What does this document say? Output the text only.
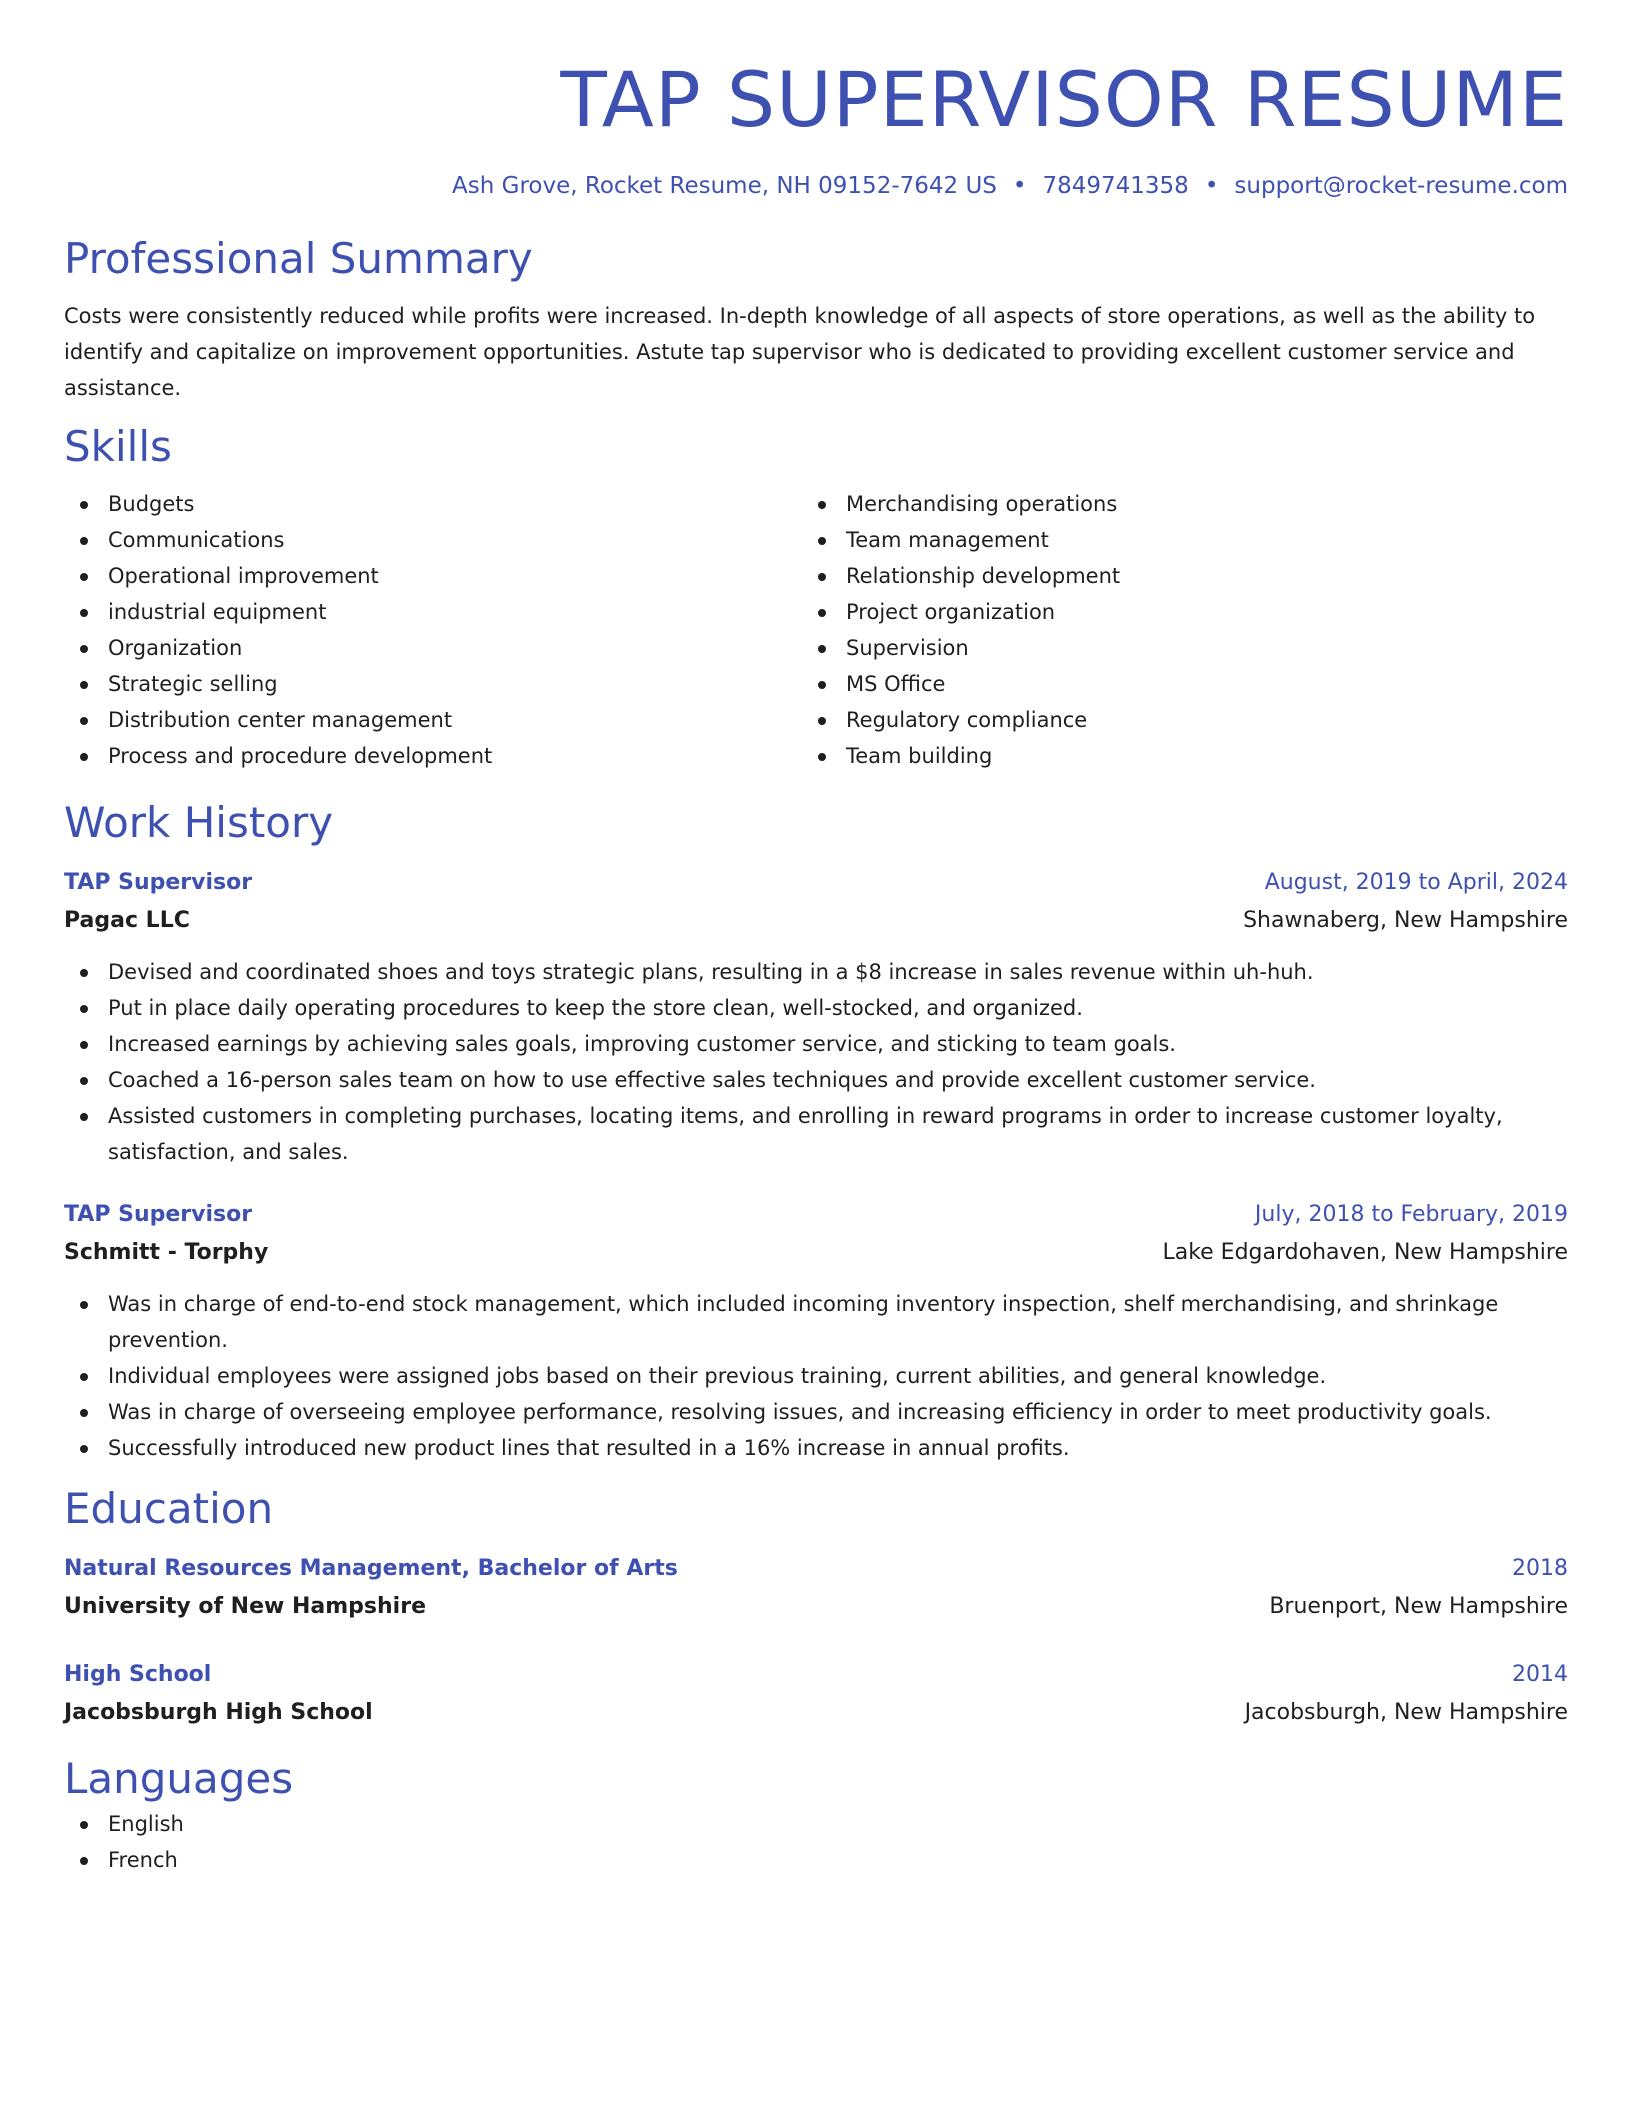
TAP SUPERVISOR RESUME
Ash Grove, Rocket Resume, NH 09152-7642 US • 7849741358 • support@rocket-resume.com
Professional Summary
Costs were consistently reduced while profits were increased. In-depth knowledge of all aspects of store operations, as well as the ability to identify and capitalize on improvement opportunities. Astute tap supervisor who is dedicated to providing excellent customer service and assistance.
Skills
Budgets
Communications
Operational improvement
industrial equipment
Organization
Strategic selling
Distribution center management
Process and procedure development
Merchandising operations
Team management
Relationship development
Project organization
Supervision
MS Office
Regulatory compliance
Team building
Work History
TAP Supervisor	August, 2019 to April, 2024
Pagac LLC	Shawnaberg, New Hampshire
Devised and coordinated shoes and toys strategic plans, resulting in a $8 increase in sales revenue within uh-huh.
Put in place daily operating procedures to keep the store clean, well-stocked, and organized.
Increased earnings by achieving sales goals, improving customer service, and sticking to team goals.
Coached a 16-person sales team on how to use effective sales techniques and provide excellent customer service.
Assisted customers in completing purchases, locating items, and enrolling in reward programs in order to increase customer loyalty, satisfaction, and sales.
TAP Supervisor	July, 2018 to February, 2019
Schmitt - Torphy	Lake Edgardohaven, New Hampshire
Was in charge of end-to-end stock management, which included incoming inventory inspection, shelf merchandising, and shrinkage prevention.
Individual employees were assigned jobs based on their previous training, current abilities, and general knowledge.
Was in charge of overseeing employee performance, resolving issues, and increasing efficiency in order to meet productivity goals.
Successfully introduced new product lines that resulted in a 16% increase in annual profits.
Education
Natural Resources Management, Bachelor of Arts	2018
University of New Hampshire	Bruenport, New Hampshire
High School	2014
Jacobsburgh High School	Jacobsburgh, New Hampshire
Languages
English
French
